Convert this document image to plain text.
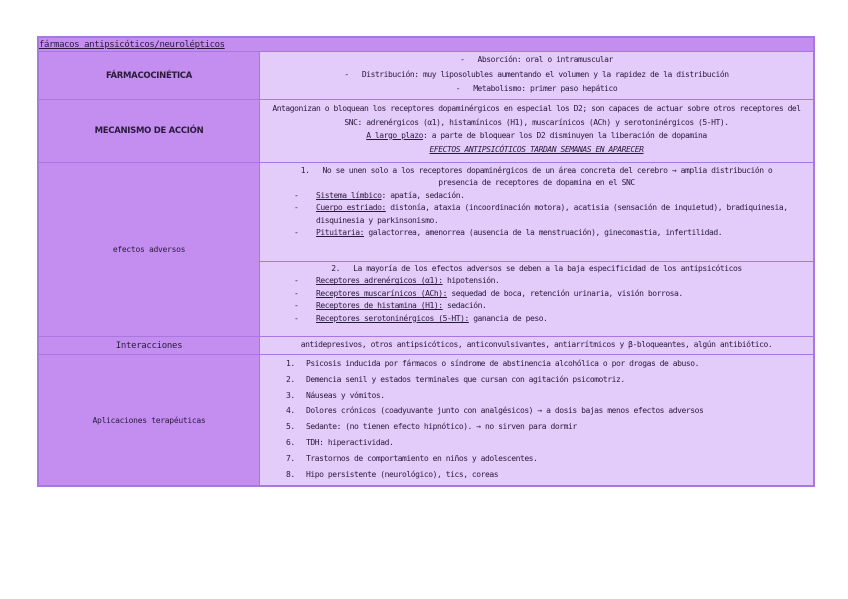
fármacos antipsicóticos/neurolépticos
FÁRMACOCINÉTICA
-   Absorción: oral o intramuscular
-   Distribución: muy liposolubles aumentando el volumen y la rapidez de la distribución
-   Metabolismo: primer paso hepático
MECANISMO DE ACCIÓN
Antagonizan o bloquean los receptores dopaminérgicos en especial los D2; son capaces de actuar sobre otros receptores del SNC: adrenérgicos (α1), histamínicos (H1), muscarínicos (ACh) y serotoninérgicos (5-HT).
A largo plazo: a parte de bloquear los D2 disminuyen la liberación de dopamina
EFECTOS ANTIPSICÓTICOS TARDAN SEMANAS EN APARECER
efectos adversos
1. No se unen solo a los receptores dopaminérgicos de un área concreta del cerebro → amplia distribución o presencia de receptores de dopamina en el SNC
- Sistema límbico: apatía, sedación.
- Cuerpo estriado: distonía, ataxia (incoordinación motora), acatisia (sensación de inquietud), bradiquinesia, disquinesia y parkinsonismo.
- Pituitaria: galactorrea, amenorrea (ausencia de la menstruación), ginecomastia, infertilidad.
2. La mayoría de los efectos adversos se deben a la baja especificidad de los antipsicóticos
- Receptores adrenérgicos (α1): hipotensión.
- Receptores muscarínicos (ACh): sequedad de boca, retención urinaria, visión borrosa.
- Receptores de histamina (H1): sedación.
- Receptores serotoninérgicos (5-HT): ganancia de peso.
Interacciones	antidepresivos, otros antipsicóticos, anticonvulsivantes, antiarrítmicos y β-bloqueantes, algún antibiótico.
Aplicaciones terapéuticas
1. Psicosis inducida por fármacos o síndrome de abstinencia alcohólica o por drogas de abuso.
2. Demencia senil y estados terminales que cursan con agitación psicomotriz.
3. Náuseas y vómitos.
4. Dolores crónicos (coadyuvante junto con analgésicos) → a dosis bajas menos efectos adversos
5. Sedante: (no tienen efecto hipnótico). → no sirven para dormir
6. TDH: hiperactividad.
7. Trastornos de comportamiento en niños y adolescentes.
8. Hipo persistente (neurológico), tics, coreas
